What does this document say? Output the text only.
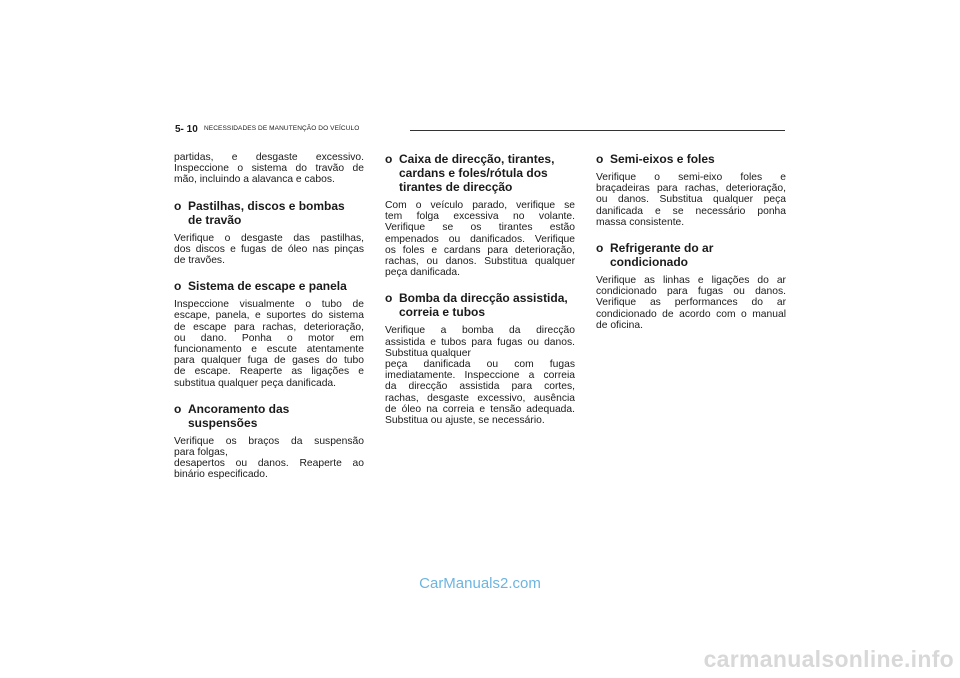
5- 10 NECESSIDADES DE MANUTENÇÃO DO VEÍCULO

partidas, e desgaste excessivo.
Inspeccione o sistema do travão de
mão, incluindo a alavanca e cabos.

o Pastilhas, discos e bombas
de travão

Verifique o desgaste das pastilhas,
dos discos e fugas de óleo nas pinças
de travões.

o Sistema de escape e panela

Inspeccione visualmente o tubo de
escape, panela, e suportes do sistema
de escape para rachas, deterioração,
ou dano. Ponha o motor em
funcionamento e escute atentamente
para qualquer fuga de gases do tubo
de escape. Reaperte as ligações e
substitua qualquer peça danificada.

o Ancoramento das
suspensões

Verifique os braços da suspensão
para folgas,
desapertos ou danos. Reaperte ao
binário especificado.

o Caixa de direcção, tirantes,
cardans e foles/rótula dos
tirantes de direcção

Com o veículo parado, verifique se
tem folga excessiva no volante.
Verifique se os tirantes estão
empenados ou danificados. Verifique
os foles e cardans para deterioração,
rachas, ou danos. Substitua qualquer
peça danificada.

o Bomba da direcção assistida,
correia e tubos

Verifique a bomba da direcção
assistida e tubos para fugas ou danos.
Substitua qualquer
peça danificada ou com fugas
imediatamente. Inspeccione a correia
da direcção assistida para cortes,
rachas, desgaste excessivo, ausência
de óleo na correia e tensão adequada.
Substitua ou ajuste, se necessário.

o Semi-eixos e foles

Verifique o semi-eixo foles e
braçadeiras para rachas, deterioração,
ou danos. Substitua qualquer peça
danificada e se necessário ponha
massa consistente.

o Refrigerante do ar
condicionado

Verifique as linhas e ligações do ar
condicionado para fugas ou danos.
Verifique as performances do ar
condicionado de acordo com o manual
de oficina.

CarManuals2.com
carmanualsonline.info
